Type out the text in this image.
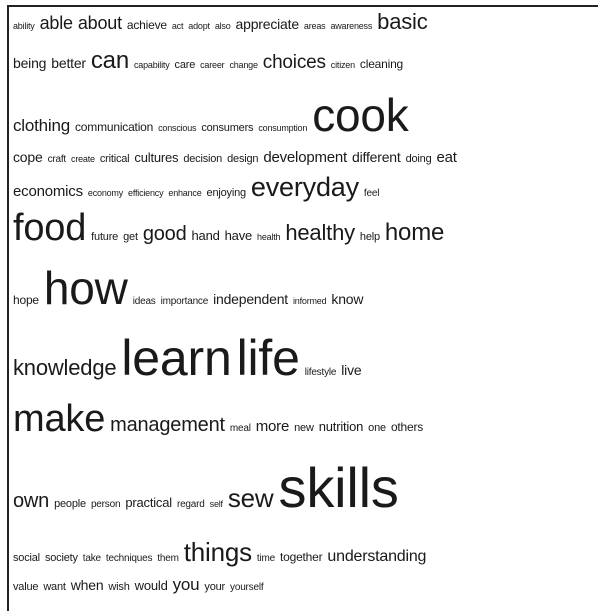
ability able about achieve act adopt also appreciate areas awareness basic
being better can capability care career change choices citizen cleaning
clothing communication conscious consumers consumption cook
cope craft create critical cultures decision design development different doing eat
economics economy efficiency enhance enjoying everyday feel
food future get good hand have health healthy help home
hope how ideas importance independent informed know
knowledge learn life lifestyle live
make management meal more new nutrition one others
own people person practical regard self sew skills
social society take techniques them things time together understanding
value want when wish would you your yourself
